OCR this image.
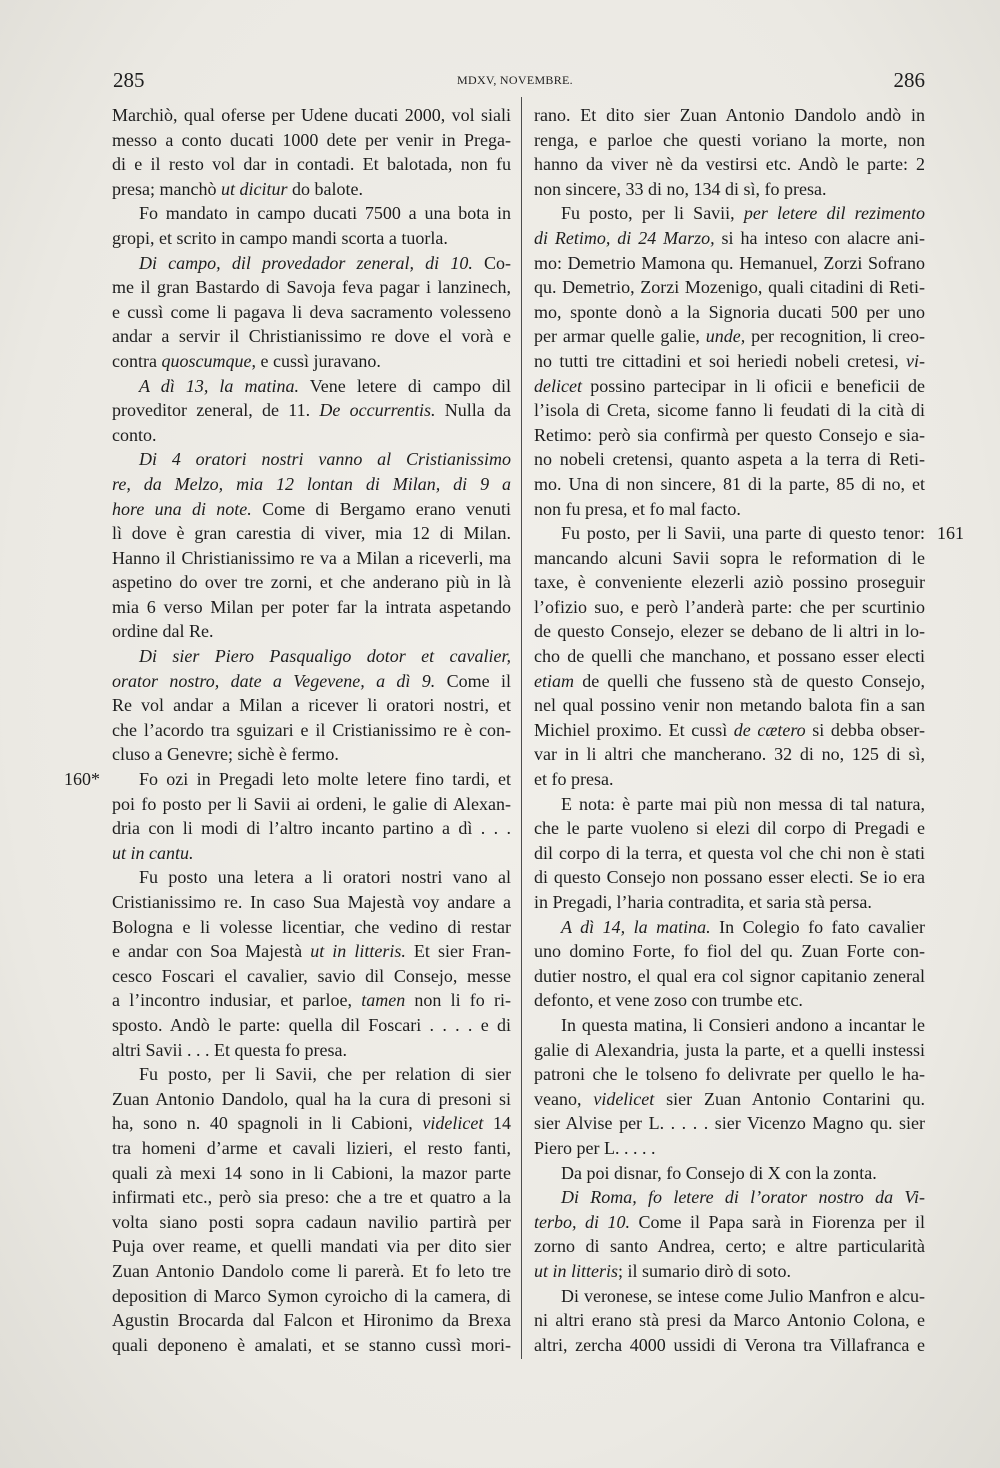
285	MDXV, NOVEMBRE.	286
Marchiò, qual oferse per Udene ducati 2000, vol siali
messo a conto ducati 1000 dete per venir in Prega-
di e il resto vol dar in contadi. Et balotada, non fu
presa; manchò ut dicitur do balote.
Fo mandato in campo ducati 7500 a una bota in
gropi, et scrito in campo mandi scorta a tuorla.
Di campo, dil provedador zeneral, di 10. Co-
me il gran Bastardo di Savoja feva pagar i lanzinech,
e cussì come li pagava li deva sacramento volesseno
andar a servir il Christianissimo re dove el vorà e
contra quoscumque, e cussì juravano.
A dì 13, la matina. Vene letere di campo dil
proveditor zeneral, de 11. De occurrentis. Nulla da
conto.
Di 4 oratori nostri vanno al Cristianissimo
re, da Melzo, mia 12 lontan di Milan, di 9 a
hore una di note. Come di Bergamo erano venuti
lì dove è gran carestia di viver, mia 12 di Milan.
Hanno il Christianissimo re va a Milan a riceverli, ma
aspetino do over tre zorni, et che anderano più in là
mia 6 verso Milan per poter far la intrata aspetando
ordine dal Re.
Di sier Piero Pasqualigo dotor et cavalier,
orator nostro, date a Vegevene, a dì 9. Come il
Re vol andar a Milan a ricever li oratori nostri, et
che l’acordo tra sguizari e il Cristianissimo re è con-
cluso a Genevre; sichè è fermo.
Fo ozi in Pregadi leto molte letere fino tardi, et
160*
poi fo posto per li Savii ai ordeni, le galie di Alexan-
dria con li modi di l’altro incanto partino a dì . . .
ut in cantu.
Fu posto una letera a li oratori nostri vano al
Cristianissimo re. In caso Sua Majestà voy andare a
Bologna e li volesse licentiar, che vedino di restar
e andar con Soa Majestà ut in litteris. Et sier Fran-
cesco Foscari el cavalier, savio dil Consejo, messe
a l’incontro indusiar, et parloe, tamen non li fo ri-
sposto. Andò le parte: quella dil Foscari . . . . e di
altri Savii . . . Et questa fo presa.
Fu posto, per li Savii, che per relation di sier
Zuan Antonio Dandolo, qual ha la cura di presoni si
ha, sono n. 40 spagnoli in li Cabioni, videlicet 14
tra homeni d’arme et cavali lizieri, el resto fanti,
quali zà mexi 14 sono in li Cabioni, la mazor parte
infirmati etc., però sia preso: che a tre et quatro a la
volta siano posti sopra cadaun navilio partirà per
Puja over reame, et quelli mandati via per dito sier
Zuan Antonio Dandolo come li parerà. Et fo leto tre
deposition di Marco Symon cyroicho di la camera, di
Agustin Brocarda dal Falcon et Hironimo da Brexa
quali deponeno è amalati, et se stanno cussì mori-
rano. Et dito sier Zuan Antonio Dandolo andò in
renga, e parloe che questi voriano la morte, non
hanno da viver nè da vestirsi etc. Andò le parte: 2
non sincere, 33 di no, 134 di sì, fo presa.
Fu posto, per li Savii, per letere dil rezimento
di Retimo, di 24 Marzo, si ha inteso con alacre ani-
mo: Demetrio Mamona qu. Hemanuel, Zorzi Sofrano
qu. Demetrio, Zorzi Mozenigo, quali citadini di Reti-
mo, sponte donò a la Signoria ducati 500 per uno
per armar quelle galie, unde, per recognition, li creo-
no tutti tre cittadini et soi heriedi nobeli cretesi, vi-
delicet possino partecipar in li oficii e beneficii de
l’isola di Creta, sicome fanno li feudati di la cità di
Retimo: però sia confirmà per questo Consejo e sia-
no nobeli cretensi, quanto aspeta a la terra di Reti-
mo. Una di non sincere, 81 di la parte, 85 di no, et
non fu presa, et fo mal facto.
Fu posto, per li Savii, una parte di questo tenor: 161
mancando alcuni Savii sopra le reformation di le
taxe, è conveniente elezerli aziò possino proseguir
l’ofizio suo, e però l’anderà parte: che per scurtinio
de questo Consejo, elezer se debano de li altri in lo-
cho de quelli che manchano, et possano esser electi
etiam de quelli che fusseno stà de questo Consejo,
nel qual possino venir non metando balota fin a san
Michiel proximo. Et cussì de cætero si debba obser-
var in li altri che mancherano. 32 di no, 125 di sì,
et fo presa.
E nota: è parte mai più non messa di tal natura,
che le parte vuoleno si elezi dil corpo di Pregadi e
dil corpo di la terra, et questa vol che chi non è stati
di questo Consejo non possano esser electi. Se io era
in Pregadi, l’haria contradita, et saria stà persa.
A dì 14, la matina. In Colegio fo fato cavalier
uno domino Forte, fo fiol del qu. Zuan Forte con-
dutier nostro, el qual era col signor capitanio zeneral
defonto, et vene zoso con trumbe etc.
In questa matina, li Consieri andono a incantar le
galie di Alexandria, justa la parte, et a quelli instessi
patroni che le tolseno fo delivrate per quello le ha-
veano, videlicet sier Zuan Antonio Contarini qu.
sier Alvise per L. . . . . sier Vicenzo Magno qu. sier
Piero per L. . . . .
Da poi disnar, fo Consejo di X con la zonta.
Di Roma, fo letere di l’orator nostro da Vi-
terbo, di 10. Come il Papa sarà in Fiorenza per il
zorno di santo Andrea, certo; e altre particularità
ut in litteris; il sumario dirò di soto.
Di veronese, se intese come Julio Manfron e alcu-
ni altri erano stà presi da Marco Antonio Colona, e
altri, zercha 4000 ussidi di Verona tra Villafranca e
